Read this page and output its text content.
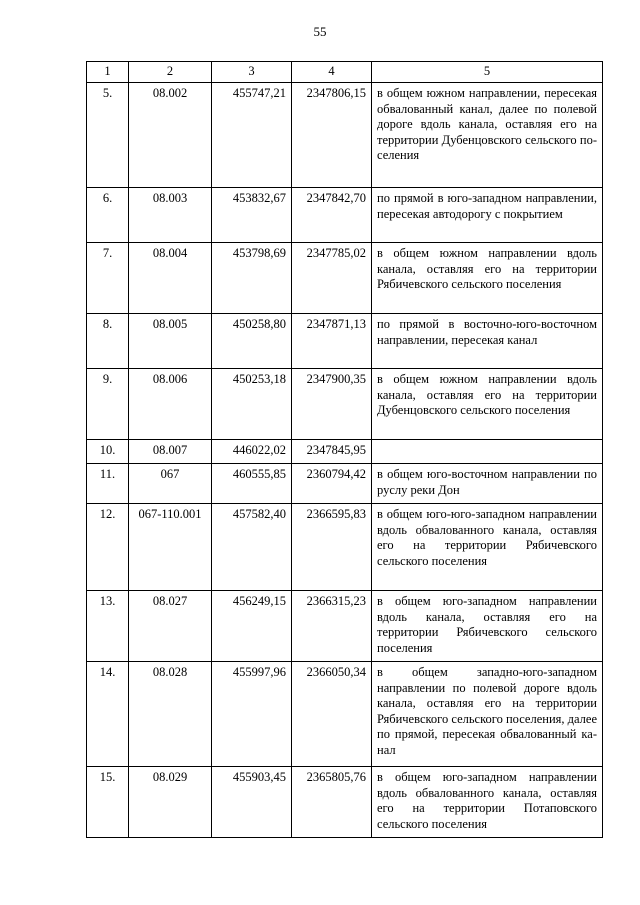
55
1	2	3	4	5
5.	08.002	455747,21	2347806,15	в общем южном направлении, пересекая обвалованный канал, далее по полевой дороге вдоль канала, оставляя его на территории Дубенцовского сельского поселения
6.	08.003	453832,67	2347842,70	по прямой в юго-западном направлении, пересекая автодорогу с покрытием
7.	08.004	453798,69	2347785,02	в общем южном направлении вдоль канала, оставляя его на территории Рябичевского сельского поселения
8.	08.005	450258,80	2347871,13	по прямой в восточно-юго-восточном направлении, пересекая канал
9.	08.006	450253,18	2347900,35	в общем южном направлении вдоль канала, оставляя его на территории Дубенцовского сельского поселения
10.	08.007	446022,02	2347845,95	
11.	067	460555,85	2360794,42	в общем юго-восточном направлении по руслу реки Дон
12.	067-110.001	457582,40	2366595,83	в общем юго-юго-западном направлении вдоль обвалованного канала, оставляя его на территории Рябичевского сельского поселения
13.	08.027	456249,15	2366315,23	в общем юго-западном направлении вдоль канала, оставляя его на территории Рябичевского сельского поселения
14.	08.028	455997,96	2366050,34	в общем западно-юго-западном направлении по полевой дороге вдоль канала, оставляя его на территории Рябичевского сельского поселения, далее по прямой, пересекая обвалованный канал
15.	08.029	455903,45	2365805,76	в общем юго-западном направлении вдоль обвалованного канала, оставляя его на территории Потаповского сельского поселения
